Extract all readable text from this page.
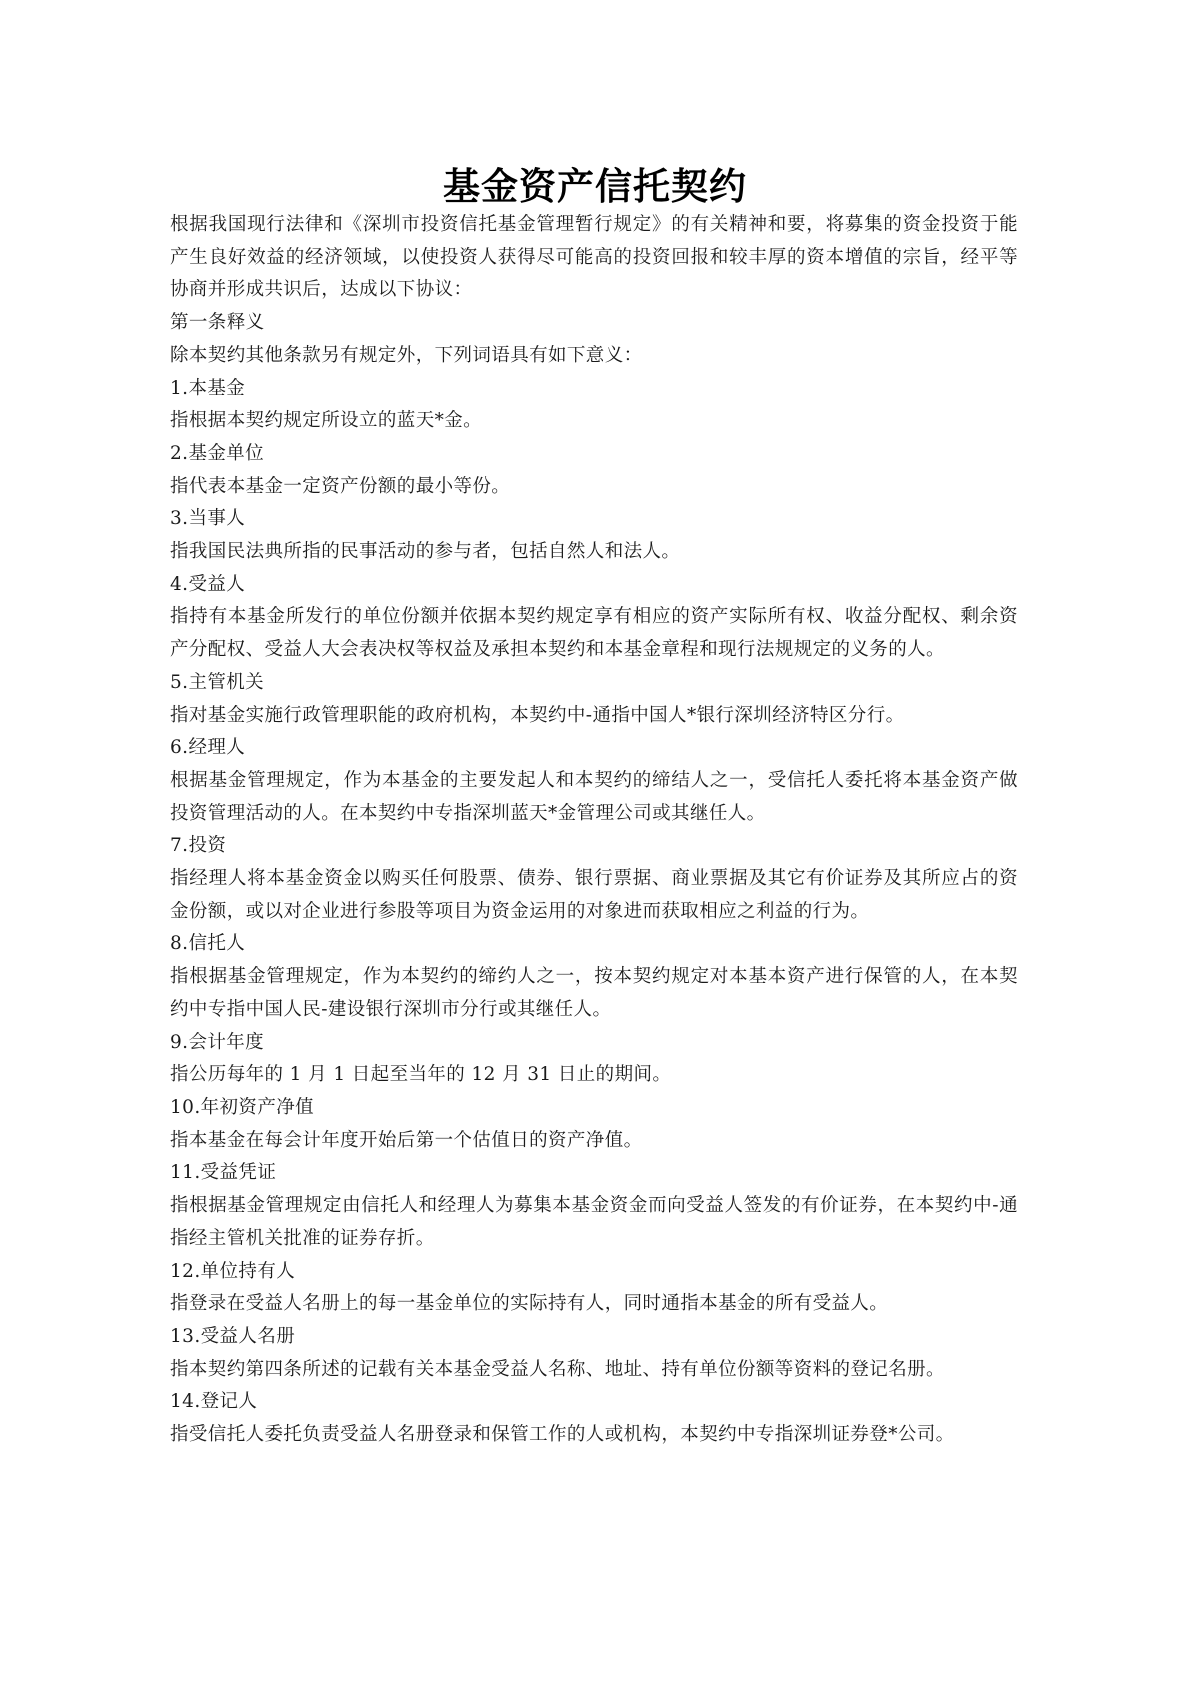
基金资产信托契约

根据我国现行法律和《深圳市投资信托基金管理暂行规定》的有关精神和要，将募集的资金投资于能产生良好效益的经济领域，以使投资人获得尽可能高的投资回报和较丰厚的资本增值的宗旨，经平等协商并形成共识后，达成以下协议：

第一条释义

除本契约其他条款另有规定外，下列词语具有如下意义：

1.本基金

指根据本契约规定所设立的蓝天*金。

2.基金单位

指代表本基金一定资产份额的最小等份。

3.当事人

指我国民法典所指的民事活动的参与者，包括自然人和法人。

4.受益人

指持有本基金所发行的单位份额并依据本契约规定享有相应的资产实际所有权、收益分配权、剩余资产分配权、受益人大会表决权等权益及承担本契约和本基金章程和现行法规规定的义务的人。

5.主管机关

指对基金实施行政管理职能的政府机构，本契约中-通指中国人*银行深圳经济特区分行。

6.经理人

根据基金管理规定，作为本基金的主要发起人和本契约的缔结人之一，受信托人委托将本基金资产做投资管理活动的人。在本契约中专指深圳蓝天*金管理公司或其继任人。

7.投资

指经理人将本基金资金以购买任何股票、债券、银行票据、商业票据及其它有价证券及其所应占的资金份额，或以对企业进行参股等项目为资金运用的对象进而获取相应之利益的行为。

8.信托人

指根据基金管理规定，作为本契约的缔约人之一，按本契约规定对本基本资产进行保管的人，在本契约中专指中国人民-建设银行深圳市分行或其继任人。

9.会计年度

指公历每年的 1 月 1 日起至当年的 12 月 31 日止的期间。

10.年初资产净值

指本基金在每会计年度开始后第一个估值日的资产净值。

11.受益凭证

指根据基金管理规定由信托人和经理人为募集本基金资金而向受益人签发的有价证券，在本契约中-通指经主管机关批准的证券存折。

12.单位持有人

指登录在受益人名册上的每一基金单位的实际持有人，同时通指本基金的所有受益人。

13.受益人名册

指本契约第四条所述的记载有关本基金受益人名称、地址、持有单位份额等资料的登记名册。

14.登记人

指受信托人委托负责受益人名册登录和保管工作的人或机构，本契约中专指深圳证券登*公司。
